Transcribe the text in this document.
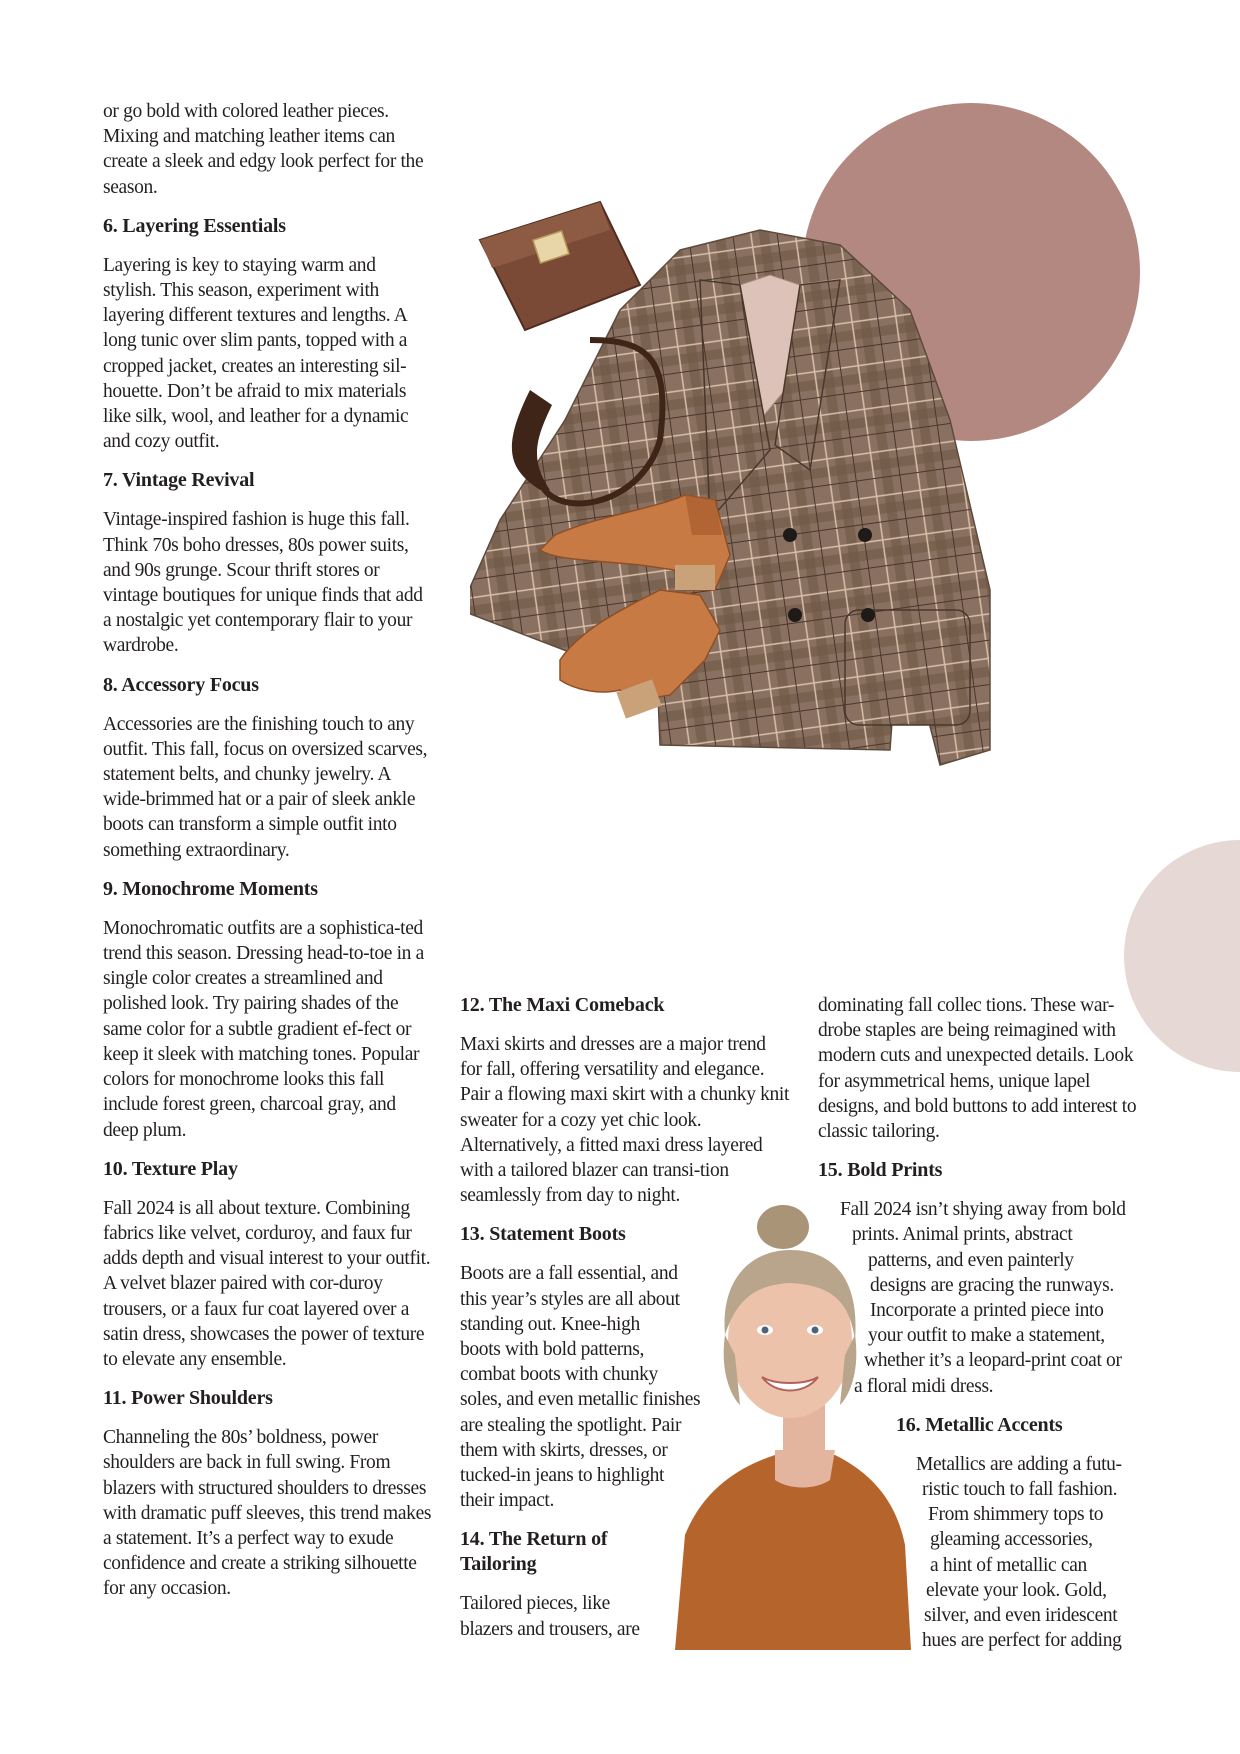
or go bold with colored leather pieces. Mixing and matching leather items can create a sleek and edgy look perfect for the season.

6. Layering Essentials

Layering is key to staying warm and stylish. This season, experiment with layering different textures and lengths. A long tunic over slim pants, topped with a cropped jacket, creates an interesting sil-houette. Don’t be afraid to mix materials like silk, wool, and leather for a dynamic and cozy outfit.

7. Vintage Revival

Vintage-inspired fashion is huge this fall. Think 70s boho dresses, 80s power suits, and 90s grunge. Scour thrift stores or vintage boutiques for unique finds that add a nostalgic yet contemporary flair to your wardrobe.

8. Accessory Focus

Accessories are the finishing touch to any outfit. This fall, focus on oversized scarves, statement belts, and chunky jewelry. A wide-brimmed hat or a pair of sleek ankle boots can transform a simple outfit into something extraordinary.

9. Monochrome Moments

Monochromatic outfits are a sophistica-ted trend this season. Dressing head-to-toe in a single color creates a streamlined and polished look. Try pairing shades of the same color for a subtle gradient ef-fect or keep it sleek with matching tones. Popular colors for monochrome looks this fall include forest green, charcoal gray, and deep plum.

10. Texture Play

Fall 2024 is all about texture. Combining fabrics like velvet, corduroy, and faux fur adds depth and visual interest to your outfit. A velvet blazer paired with cor-duroy trousers, or a faux fur coat layered over a satin dress, showcases the power of texture to elevate any ensemble.

11. Power Shoulders

Channeling the 80s’ boldness, power shoulders are back in full swing. From blazers with structured shoulders to dresses with dramatic puff sleeves, this trend makes a statement. It’s a perfect way to exude confidence and create a striking silhouette for any occasion.

12. The Maxi Comeback

Maxi skirts and dresses are a major trend for fall, offering versatility and elegance. Pair a flowing maxi skirt with a chunky knit sweater for a cozy yet chic look. Alternatively, a fitted maxi dress layered with a tailored blazer can transi-tion seamlessly from day to night.

13. Statement Boots

Boots are a fall essential, and
this year’s styles are all about
standing out. Knee-high
boots with bold patterns,
combat boots with chunky
soles, and even metallic finishes
are stealing the spotlight. Pair
them with skirts, dresses, or
tucked-in jeans to highlight
their impact.

14. The Return of
Tailoring

Tailored pieces, like
blazers and trousers, are

dominating fall collec tions. These war-drobe staples are being reimagined with modern cuts and unexpected details. Look for asymmetrical hems, unique lapel designs, and bold buttons to add interest to classic tailoring.

15. Bold Prints

Fall 2024 isn’t shying away from bold
prints. Animal prints, abstract
patterns, and even painterly
designs are gracing the runways.
Incorporate a printed piece into
your outfit to make a statement,
whether it’s a leopard-print coat or
a floral midi dress.

16. Metallic Accents

Metallics are adding a futu-
ristic touch to fall fashion.
From shimmery tops to
gleaming accessories,
a hint of metallic can
elevate your look. Gold,
silver, and even iridescent
hues are perfect for adding
